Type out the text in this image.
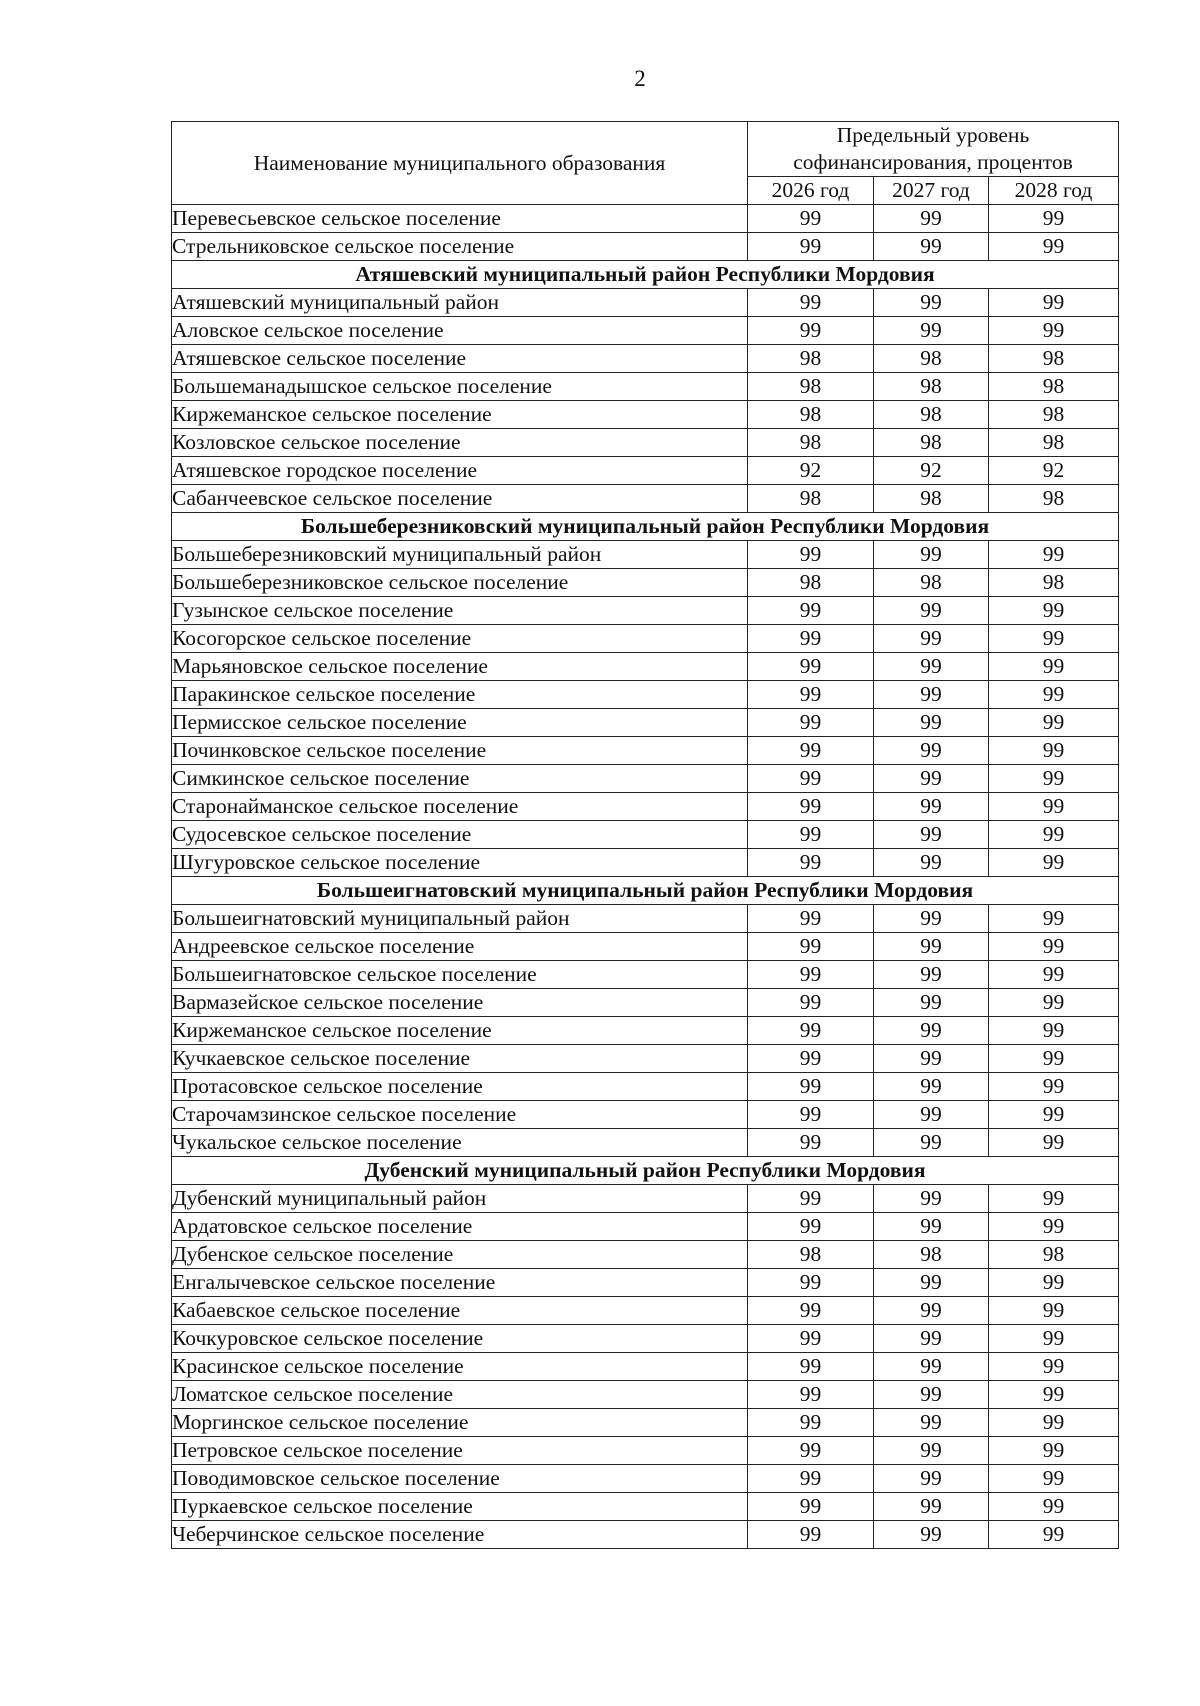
2
Наименование муниципального образования	Предельный уровень софинансирования, процентов		
	2026 год	2027 год	2028 год
Перевесьевское сельское поселение	99	99	99
Стрельниковское сельское поселение	99	99	99
Атяшевский муниципальный район Республики Мордовия			
Атяшевский муниципальный район	99	99	99
Аловское сельское поселение	99	99	99
Атяшевское сельское поселение	98	98	98
Большеманадышское сельское поселение	98	98	98
Киржеманское сельское поселение	98	98	98
Козловское сельское поселение	98	98	98
Атяшевское городское поселение	92	92	92
Сабанчеевское сельское поселение	98	98	98
Большеберезниковский муниципальный район Республики Мордовия			
Большеберезниковский муниципальный район	99	99	99
Большеберезниковское сельское поселение	98	98	98
Гузынское сельское поселение	99	99	99
Косогорское сельское поселение	99	99	99
Марьяновское сельское поселение	99	99	99
Паракинское сельское поселение	99	99	99
Пермисское сельское поселение	99	99	99
Починковское сельское поселение	99	99	99
Симкинское сельское поселение	99	99	99
Старонайманское сельское поселение	99	99	99
Судосевское сельское поселение	99	99	99
Шугуровское сельское поселение	99	99	99
Большеигнатовский муниципальный район Республики Мордовия			
Большеигнатовский муниципальный район	99	99	99
Андреевское сельское поселение	99	99	99
Большеигнатовское сельское поселение	99	99	99
Вармазейское сельское поселение	99	99	99
Киржеманское сельское поселение	99	99	99
Кучкаевское сельское поселение	99	99	99
Протасовское сельское поселение	99	99	99
Старочамзинское сельское поселение	99	99	99
Чукальское сельское поселение	99	99	99
Дубенский муниципальный район Республики Мордовия			
Дубенский муниципальный район	99	99	99
Ардатовское сельское поселение	99	99	99
Дубенское сельское поселение	98	98	98
Енгалычевское сельское поселение	99	99	99
Кабаевское сельское поселение	99	99	99
Кочкуровское сельское поселение	99	99	99
Красинское сельское поселение	99	99	99
Ломатское сельское поселение	99	99	99
Моргинское сельское поселение	99	99	99
Петровское сельское поселение	99	99	99
Поводимовское сельское поселение	99	99	99
Пуркаевское сельское поселение	99	99	99
Чеберчинское сельское поселение	99	99	99
